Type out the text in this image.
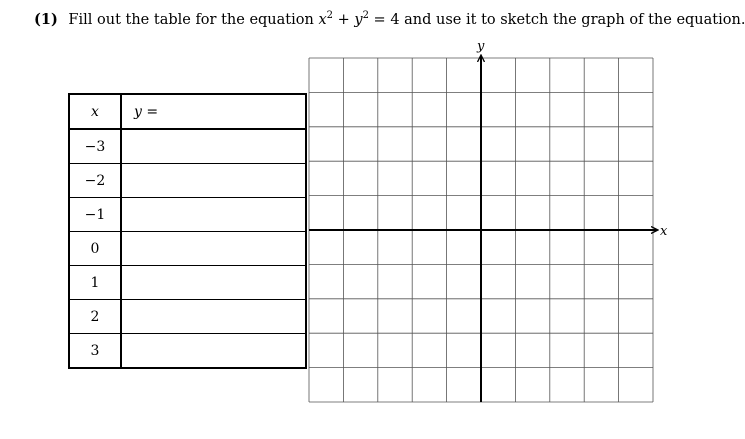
(1) Fill out the table for the equation $x^2 + y^2 = 4$ and use it to sketch the graph of the equation.
x	y =
−3	
−2	
−1	
0	
1	
2	
3	
x
y
